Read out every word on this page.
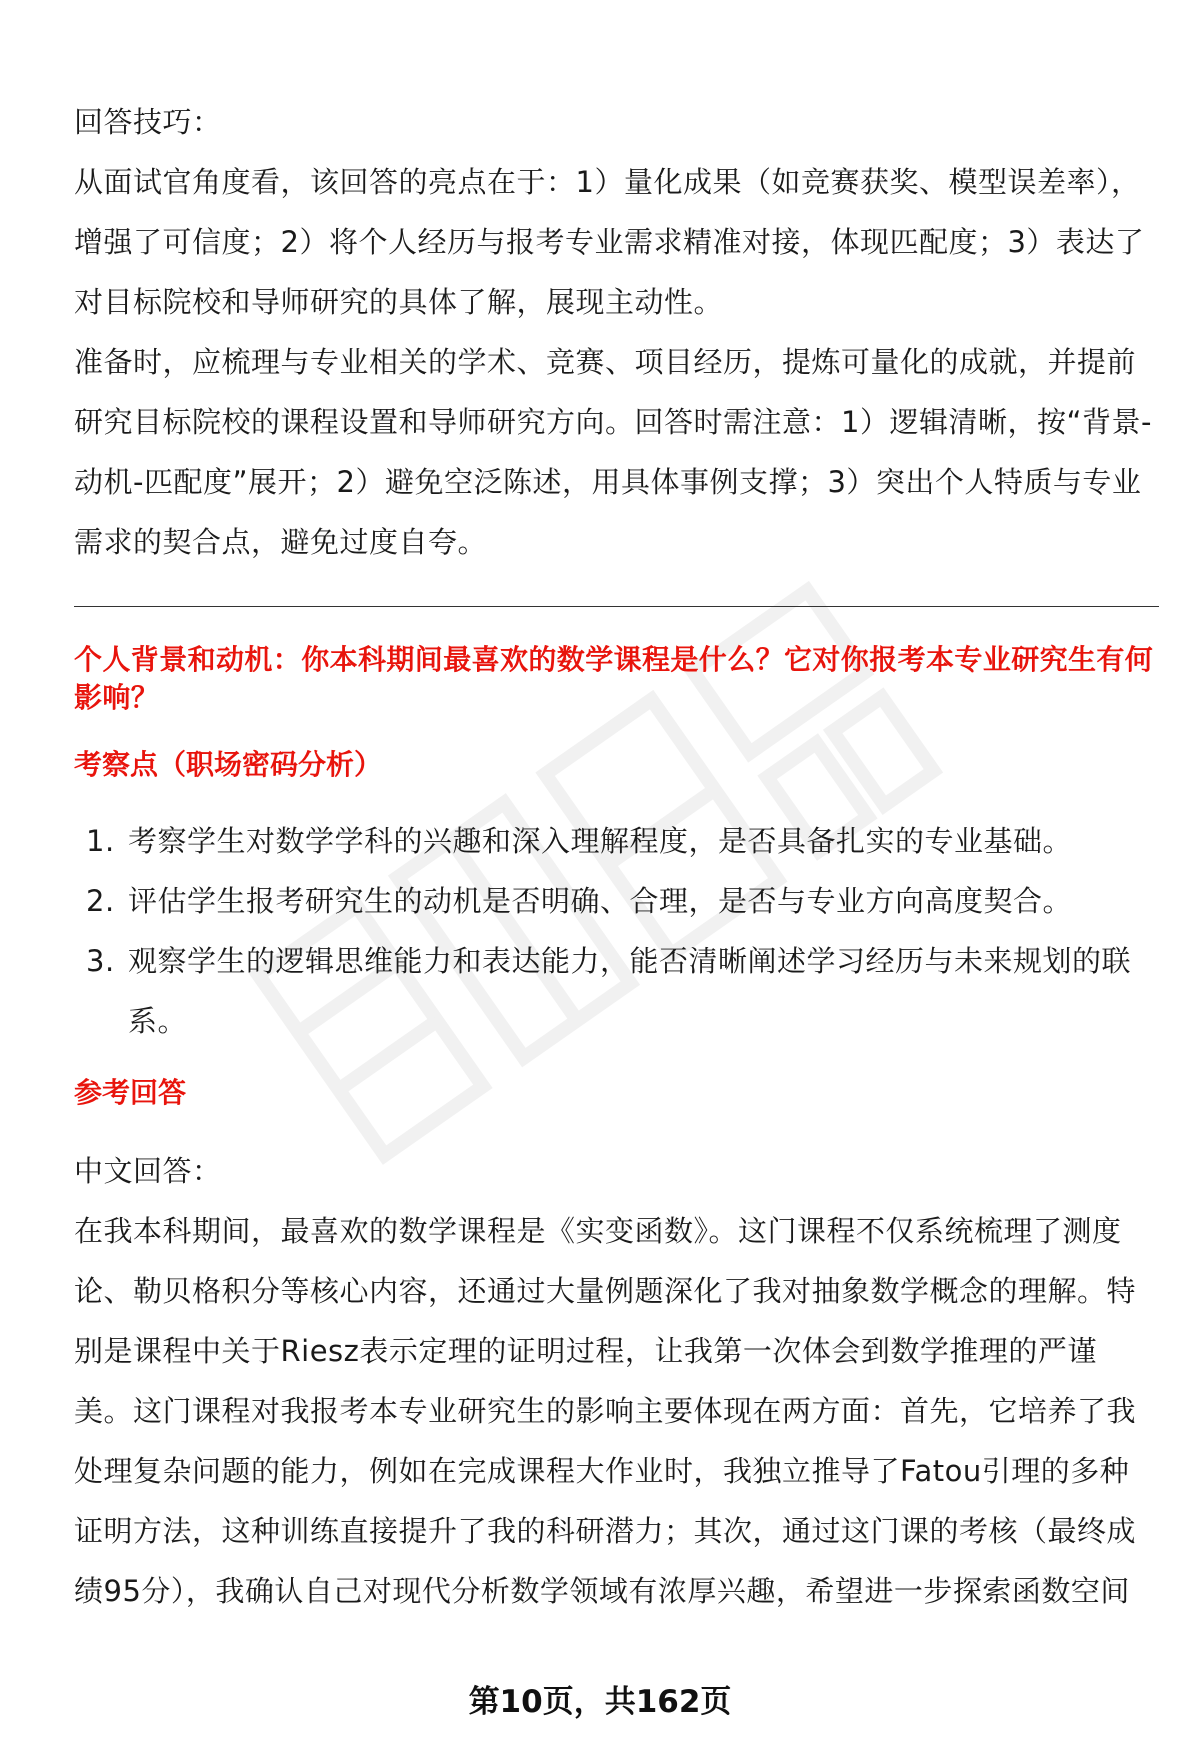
回答技巧：

从面试官角度看，该回答的亮点在于：1）量化成果（如竞赛获奖、模型误差率），增强了可信度；2）将个人经历与报考专业需求精准对接，体现匹配度；3）表达了对目标院校和导师研究的具体了解，展现主动性。

准备时，应梳理与专业相关的学术、竞赛、项目经历，提炼可量化的成就，并提前研究目标院校的课程设置和导师研究方向。回答时需注意：1）逻辑清晰，按“背景-动机-匹配度”展开；2）避免空泛陈述，用具体事例支撑；3）突出个人特质与专业需求的契合点，避免过度自夸。

个人背景和动机：你本科期间最喜欢的数学课程是什么？它对你报考本专业研究生有何影响？

考察点（职场密码分析）

1. 考察学生对数学学科的兴趣和深入理解程度，是否具备扎实的专业基础。
2. 评估学生报考研究生的动机是否明确、合理，是否与专业方向高度契合。
3. 观察学生的逻辑思维能力和表达能力，能否清晰阐述学习经历与未来规划的联系。

参考回答

中文回答：

在我本科期间，最喜欢的数学课程是《实变函数》。这门课程不仅系统梳理了测度论、勒贝格积分等核心内容，还通过大量例题深化了我对抽象数学概念的理解。特别是课程中关于Riesz表示定理的证明过程，让我第一次体会到数学推理的严谨美。这门课程对我报考本专业研究生的影响主要体现在两方面：首先，它培养了我处理复杂问题的能力，例如在完成课程大作业时，我独立推导了Fatou引理的多种证明方法，这种训练直接提升了我的科研潜力；其次，通过这门课的考核（最终成绩95分），我确认自己对现代分析数学领域有浓厚兴趣，希望进一步探索函数空间

第10页，共162页
